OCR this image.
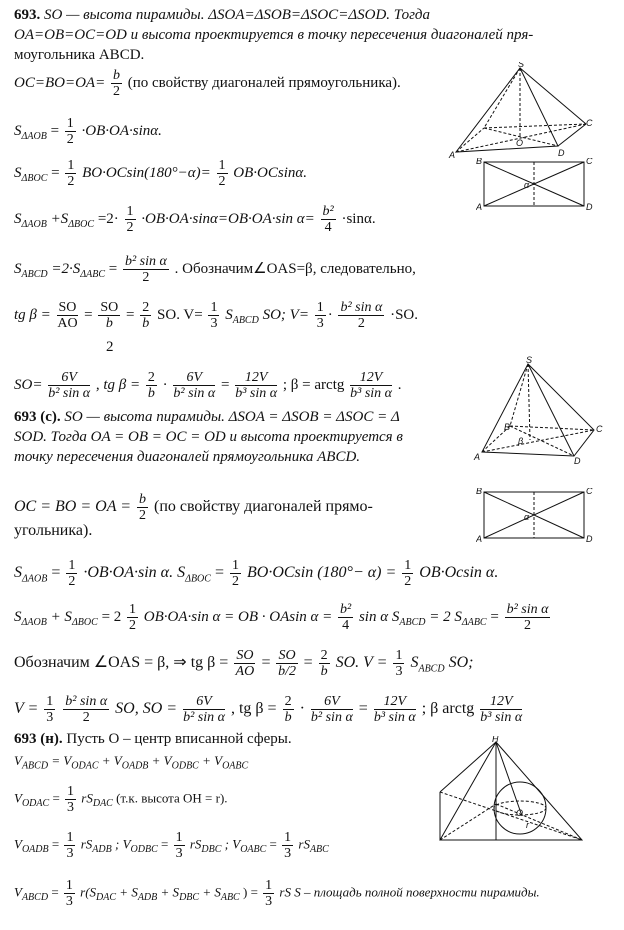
693. SO — высота пирамиды. ΔSOA=ΔSOB=ΔSOC=ΔSOD. Тогда
OA=OB=OC=OD и высота проектируется в точку пересечения диагоналей пря-
моугольника ABCD.
$OC=BO=OA= \frac{b}{2} (по$ свойству диагоналей прямоугольника).
$S_{\Delta AOB} = \frac{1}{2} \cdot OB\cdot OA\cdot\sin\alpha$.
$S_{\Delta BOC} = \frac{1}{2} BO\cdot OCsin(180^\circ-\alpha)= \frac{1}{2} OB\cdot OCsin\alpha$.
$S_{\Delta AOB} +S_{\Delta BOC} =2\cdot \frac{1}{2} \cdot OB\cdot OA\cdot\sin\alpha=OB\cdot OA\cdot\sin$ $\alpha= \frac{\text{b²}}{4} \cdot\sin\alpha$.
$S_{ABCD} =2\cdot S_{\Delta ABC} = \frac{\text{b² sin α}}{2}$ . Обозначим∠OAS=β, следовательно,
tg $\beta = \frac{SO}{AO} = \frac{SO}{b} = \frac{2}{b}$ SO. $V= \frac{1}{3} S_{ABCD}$ SO; $V= \frac{1}{3} \cdot \frac{\text{b² sin α}}{2} \cdot SO$.
2
$SO= \frac{6V}{\text{b² sin α}}$ , tg $\beta = \frac{2}{b} \cdot \frac{6V}{\text{b² sin α}} = \frac{12V}{\text{b³ sin α}}$ ; β = arctg $\frac{12V}{\text{b³ sin α}}$ .
693 (с). SO — высота пирамиды. ΔSOA = ΔSOB = ΔSOC = Δ
SOD. Тогда OA = OB = OC = OD и высота проектируется в
точку пересечения диагоналей прямоугольника ABCD.
OC = BO = OA = $\frac{b}{2} (по$ свойству диагоналей прямо-
угольника).
$S_{\Delta AOB} = \frac{1}{2} \cdot OB\cdot OA\cdot\sin$ α. $S_{\Delta BOC} = \frac{1}{2} BO\cdot OCsin$ $(180^\circ- \alpha) = \frac{1}{2} OB\cdot Ocsin$ α.
$S_{\Delta AOB} + S_{\Delta BOC} = 2 \frac{1}{2} OB\cdot OA\cdot\sin$ α = OB · OAsin $\alpha = \frac{\text{b²}}{4}$ sin α $S_{ABCD} = 2$ $S_{\Delta ABC} = \frac{\text{b² sin α}}{2}$
Обозначим ∠OAS = β, ⇒ tg $\beta = \frac{SO}{AO} = \frac{SO}{b/2} = \frac{2}{b}$ SO. $V = \frac{1}{3} S_{ABCD}$ SO;
$V = \frac{1}{3}$
$\frac{\text{b² sin α}}{2}$ SO, SO = $\frac{6V}{\text{b² sin α}}$ , tg $\beta = \frac{2}{b} \cdot \frac{6V}{\text{b² sin α}} = \frac{12V}{\text{b³ sin α}}$ ; β arctg $\frac{12V}{\text{b³ sin α}}$
693 (н). Пусть O – центр вписанной сферы.
$V_{ABCD} = V_{ODAC} + V_{OADB} + V_{ODBC} + V_{OABC}$
$V_{ODAC} = \frac{1}{3} rS_{DAC}$ (т.к. высота OH = r).
$V_{OADB} = \frac{1}{3} rS_{ADB}$ ; $V_{ODBC} = \frac{1}{3} rS_{DBC}$ ; $V_{OABC} = \frac{1}{3} rS_{ABC}$
$V_{ABCD} = \frac{1}{3} r(S_{DAC} + S_{ADB} + S_{DBC} + S_{ABC}$ ) = $\frac{1}{3}$ rS S – площадь полной поверхности пирамиды.
S
A
C
D
O
B	C
A	D
α
S
A
C
D
B
β
B	C
A	D
α
H
O
r
